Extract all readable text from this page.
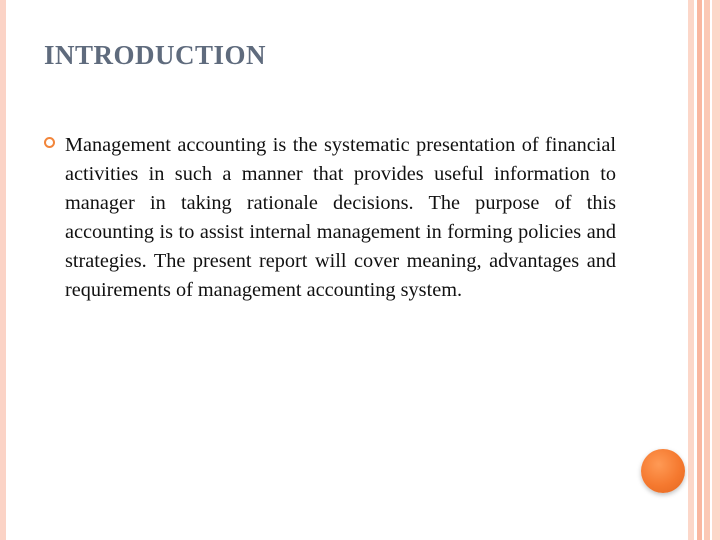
INTRODUCTION

Management accounting is the systematic presentation of financial activities in such a manner that provides useful information to manager in taking rationale decisions. The purpose of this accounting is to assist internal management in forming policies and strategies. The present report will cover meaning, advantages and requirements of management accounting system.
